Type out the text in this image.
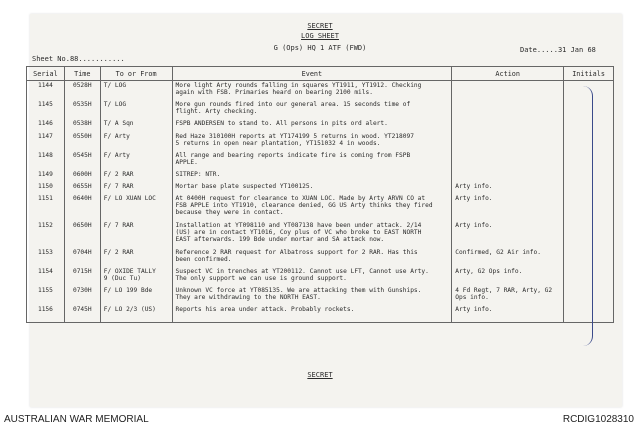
SECRET
LOG SHEET
G (Ops) HQ 1 ATF (FWD)
Sheet No.88...........
Date.....31 Jan 68
Serial	Time	To or From	Event	Action	Initials
1144	0528H	T/ LOG	More light Arty rounds falling in squares YT1911, YT1912. Checking
again with FSB. Primaries heard on bearing 2100 mils.		
1145	0535H	T/ LOG	More gun rounds fired into our general area. 15 seconds time of
flight. Arty checking.		
1146	0538H	T/ A Sqn	FSPB ANDERSEN to stand to. All persons in pits ord alert.		
1147	0550H	F/ Arty	Red Haze 310100H reports at YT174199 5 returns in wood. YT218097
5 returns in open near plantation, YT151032 4 in woods.		
1148	0545H	F/ Arty	All range and bearing reports indicate fire is coming from FSPB
APPLE.		
1149	0600H	F/ 2 RAR	SITREP: NTR.		
1150	0655H	F/ 7 RAR	Mortar base plate suspected YT100125.	Arty info.	
1151	0640H	F/ LO XUAN LOC	At 0400H request for clearance to XUAN LOC. Made by Arty ARVN CO at
FSB APPLE into YT1910, clearance denied, GG US Arty thinks they fired
because they were in contact.	Arty info.	
1152	0650H	F/ 7 RAR	Installation at YT098110 and YT087138 have been under attack. 2/14
(US) are in contact YT1016, Coy plus of VC who broke to EAST NORTH
EAST afterwards. 199 Bde under mortar and SA attack now.	Arty info.	
1153	0704H	F/ 2 RAR	Reference 2 RAR request for Albatross support for 2 RAR. Has this
been confirmed.	Confirmed, G2 Air info.	
1154	0715H	F/ OXIDE TALLY
9 (Duc Tu)	Suspect VC in trenches at YT200112. Cannot use LFT, Cannot use Arty.
The only support we can use is ground support.	Arty, G2 Ops info.	
1155	0730H	F/ LO 199 Bde	Unknown VC force at YT085135. We are attacking them with Gunships.
They are withdrawing to the NORTH EAST.	4 Fd Regt, 7 RAR, Arty, G2
Ops info.	
1156	0745H	F/ LO 2/3 (US)	Reports his area under attack. Probably rockets.	Arty info.	

SECRET
AUSTRALIAN WAR MEMORIAL	RCDIG1028310
